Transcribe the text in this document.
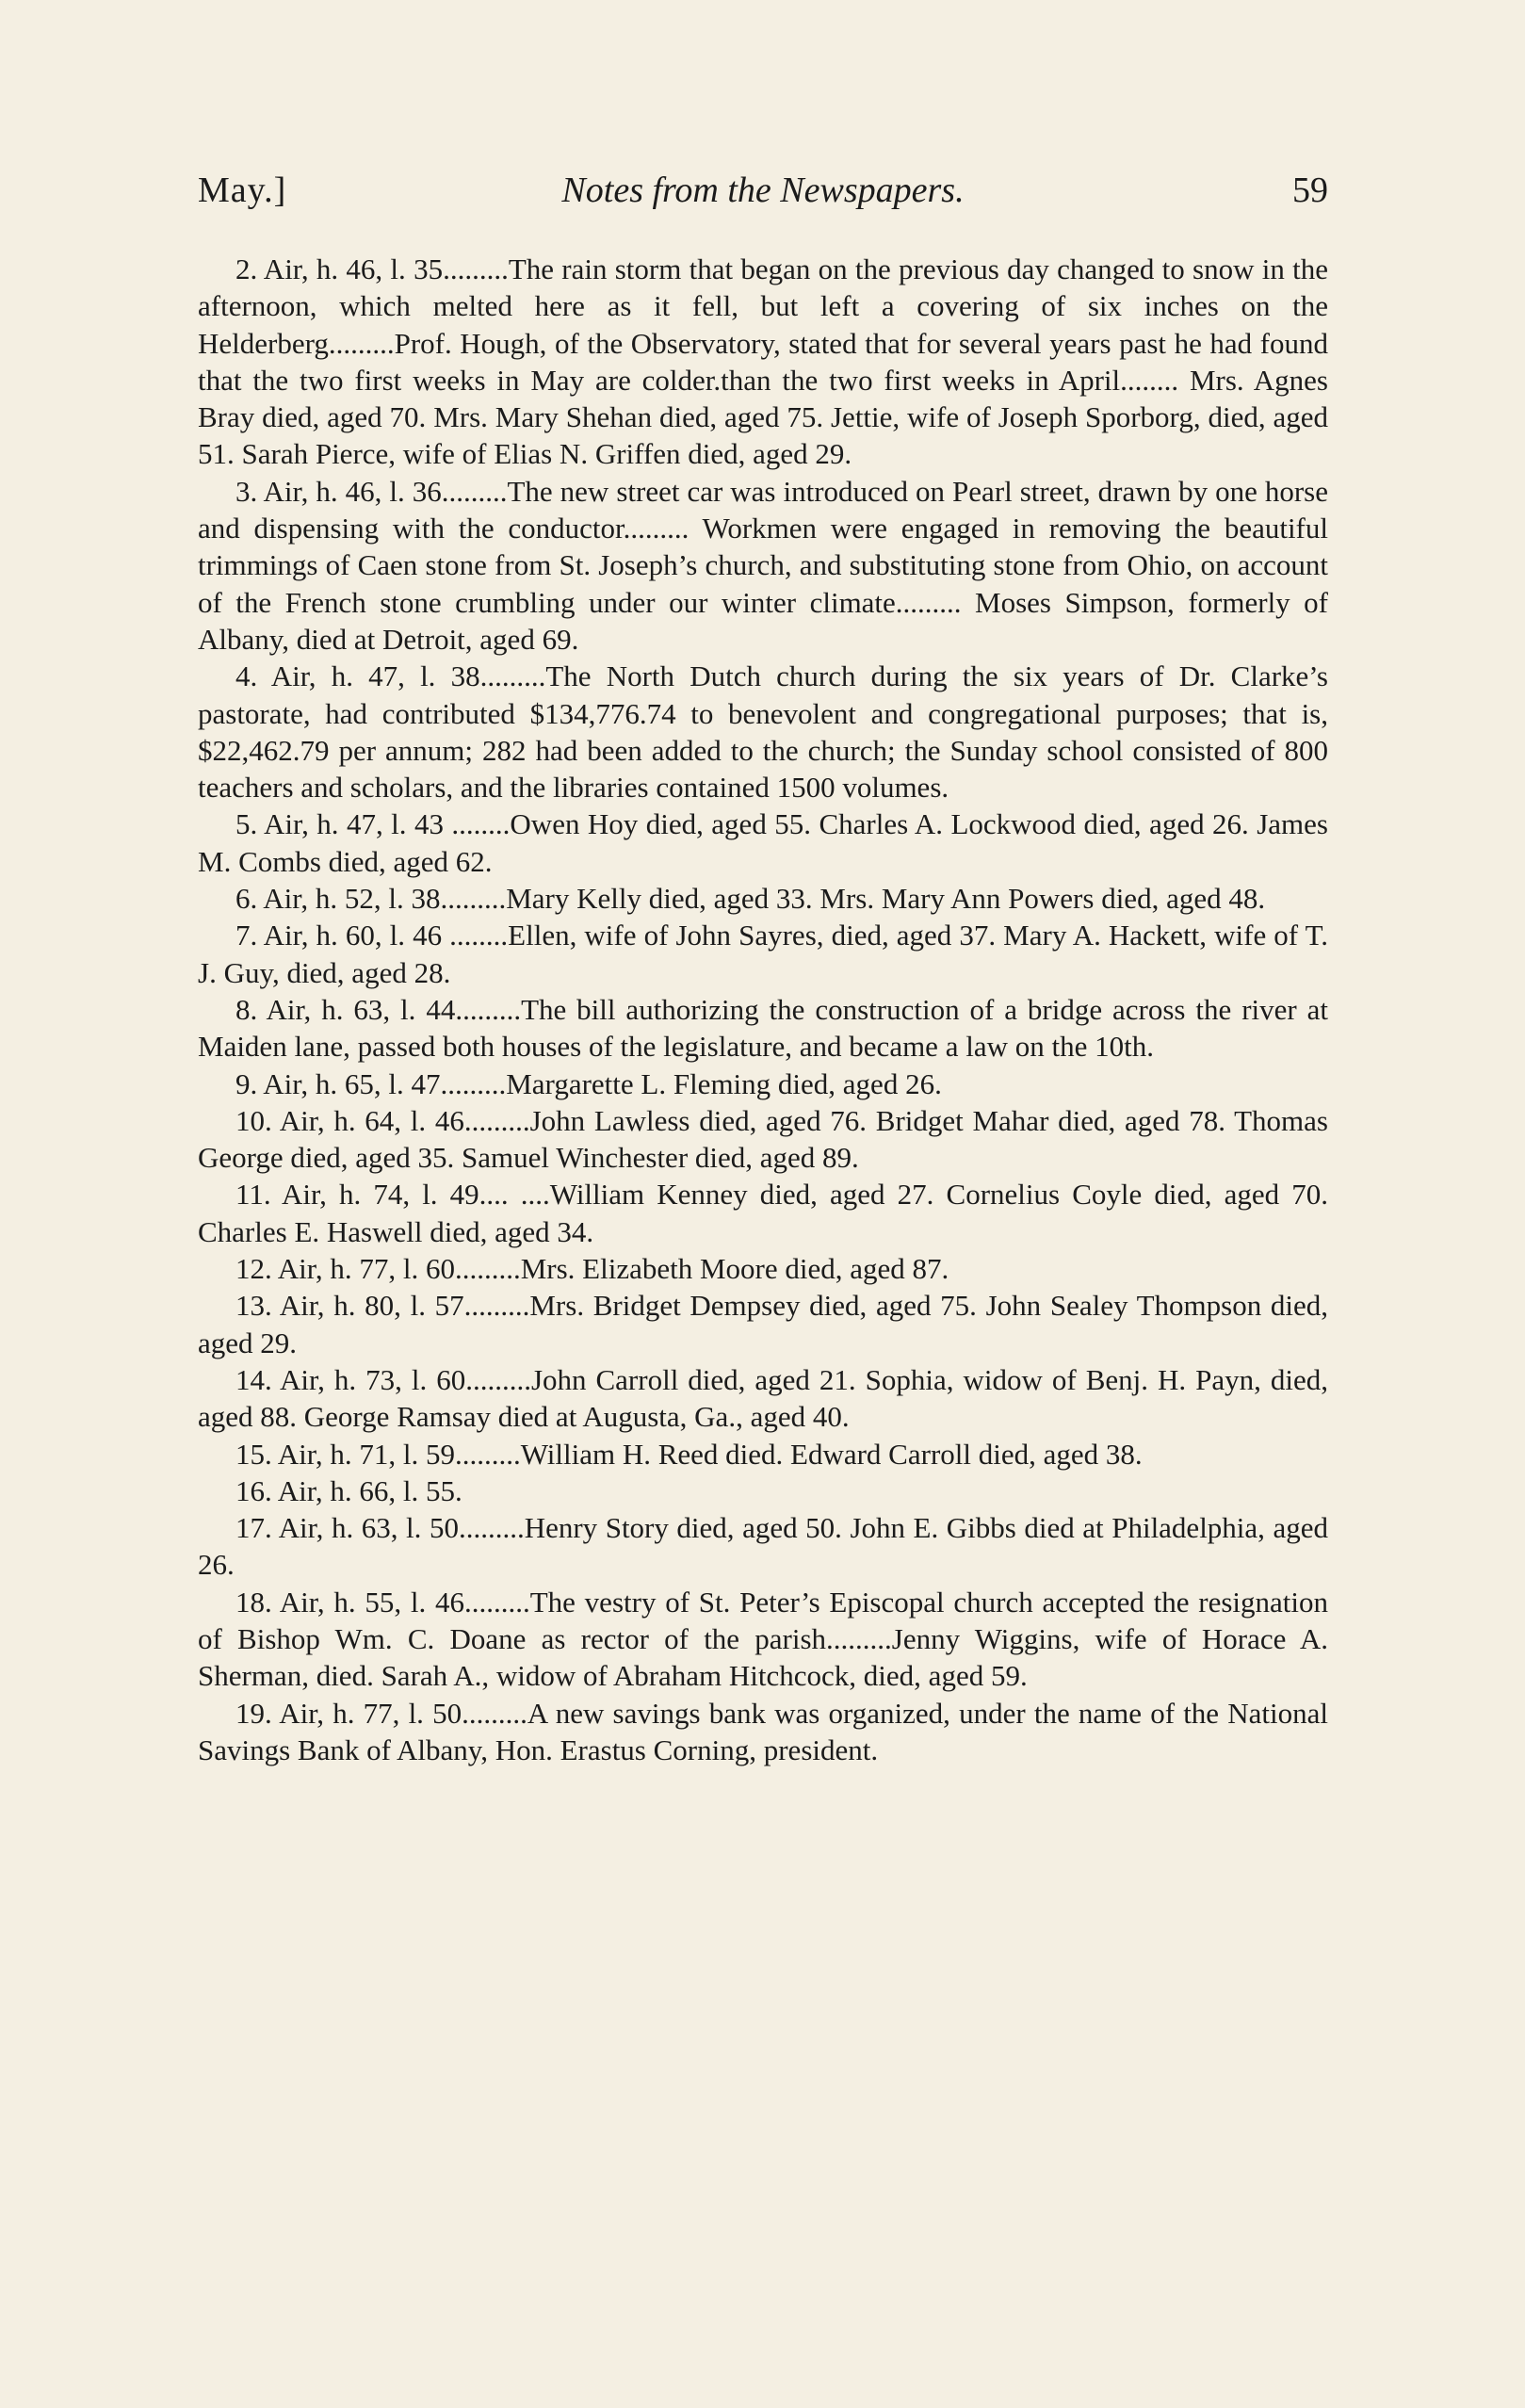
May.]	Notes from the Newspapers.	59

2. Air, h. 46, l. 35.........The rain storm that began on the previous day changed to snow in the afternoon, which melted here as it fell, but left a covering of six inches on the Helderberg.........Prof. Hough, of the Observatory, stated that for several years past he had found that the two first weeks in May are colder.than the two first weeks in April........ Mrs. Agnes Bray died, aged 70. Mrs. Mary Shehan died, aged 75. Jettie, wife of Joseph Sporborg, died, aged 51. Sarah Pierce, wife of Elias N. Griffen died, aged 29.

3. Air, h. 46, l. 36.........The new street car was introduced on Pearl street, drawn by one horse and dispensing with the conductor......... Workmen were engaged in removing the beautiful trimmings of Caen stone from St. Joseph’s church, and substituting stone from Ohio, on account of the French stone crumbling under our winter climate......... Moses Simpson, formerly of Albany, died at Detroit, aged 69.

4. Air, h. 47, l. 38.........The North Dutch church during the six years of Dr. Clarke’s pastorate, had contributed $134,776.74 to benevolent and congregational purposes; that is, $22,462.79 per annum; 282 had been added to the church; the Sunday school consisted of 800 teachers and scholars, and the libraries contained 1500 volumes.

5. Air, h. 47, l. 43 ........Owen Hoy died, aged 55. Charles A. Lockwood died, aged 26. James M. Combs died, aged 62.

6. Air, h. 52, l. 38.........Mary Kelly died, aged 33. Mrs. Mary Ann Powers died, aged 48.

7. Air, h. 60, l. 46 ........Ellen, wife of John Sayres, died, aged 37. Mary A. Hackett, wife of T. J. Guy, died, aged 28.

8. Air, h. 63, l. 44.........The bill authorizing the construction of a bridge across the river at Maiden lane, passed both houses of the legislature, and became a law on the 10th.

9. Air, h. 65, l. 47.........Margarette L. Fleming died, aged 26.

10. Air, h. 64, l. 46.........John Lawless died, aged 76. Bridget Mahar died, aged 78. Thomas George died, aged 35. Samuel Winchester died, aged 89.

11. Air, h. 74, l. 49.... ....William Kenney died, aged 27. Cornelius Coyle died, aged 70. Charles E. Haswell died, aged 34.

12. Air, h. 77, l. 60.........Mrs. Elizabeth Moore died, aged 87.

13. Air, h. 80, l. 57.........Mrs. Bridget Dempsey died, aged 75. John Sealey Thompson died, aged 29.

14. Air, h. 73, l. 60.........John Carroll died, aged 21. Sophia, widow of Benj. H. Payn, died, aged 88. George Ramsay died at Augusta, Ga., aged 40.

15. Air, h. 71, l. 59.........William H. Reed died. Edward Carroll died, aged 38.

16. Air, h. 66, l. 55.

17. Air, h. 63, l. 50.........Henry Story died, aged 50. John E. Gibbs died at Philadelphia, aged 26.

18. Air, h. 55, l. 46.........The vestry of St. Peter’s Episcopal church accepted the resignation of Bishop Wm. C. Doane as rector of the parish.........Jenny Wiggins, wife of Horace A. Sherman, died. Sarah A., widow of Abraham Hitchcock, died, aged 59.

19. Air, h. 77, l. 50.........A new savings bank was organized, under the name of the National Savings Bank of Albany, Hon. Erastus Corning, president.
